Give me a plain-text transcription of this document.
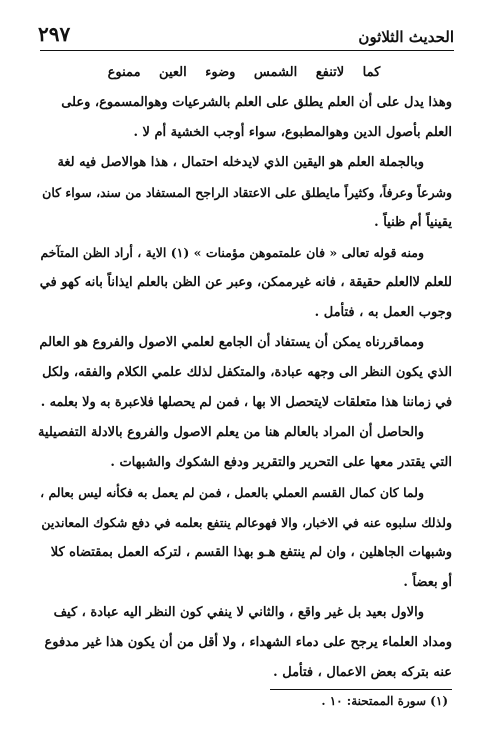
الحديث الثلاثون
٢٩٧
كما لاتنفع الشمس وضوء العين ممنوع
وهذا يدل على أن العلم يطلق على العلم بالشرعيات وهوالمسموع، وعلى
العلم بأصول الدين وهوالمطبوع، سواء أوجب الخشية أم لا .
وبالجملة العلم هو اليقين الذي لايدخله احتمال ، هذا هوالاصل فيه لغة
وشرعاً وعرفاً، وكثيراً مايطلق على الاعتقاد الراجح المستفاد من سند، سواء كان
يقينياً أم ظنياً .
ومنه قوله تعالى « فان علمتموهن مؤمنات » (١) الاية ، أراد الظن المتآخم
للعلم لاالعلم حقيقة ، فانه غيرممكن، وعبر عن الظن بالعلم ايذاناً بانه كهو في
وجوب العمل به ، فتأمل .
ومماقررناه يمكن أن يستفاد أن الجامع لعلمي الاصول والفروع هو العالم
الذي يكون النظر الى وجهه عبادة، والمتكفل لذلك علمي الكلام والفقه، ولكل
في زماننا هذا متعلقات لايتحصل الا بها ، فمن لم يحصلها فلاعبرة به ولا بعلمه .
والحاصل أن المراد بالعالم هنا من يعلم الاصول والفروع بالادلة التفصيلية
التي يقتدر معها على التحرير والتقرير ودفع الشكوك والشبهات .
ولما كان كمال القسم العملي بالعمل ، فمن لم يعمل به فكأنه ليس بعالم ،
ولذلك سلبوه عنه في الاخبار، والا فهوعالم ينتفع بعلمه في دفع شكوك المعاندين
وشبهات الجاهلين ، وان لم ينتفع هـو بهذا القسم ، لتركه العمل بمقتضاه كلا
أو بعضاً .
والاول بعيد بل غير واقع ، والثاني لا ينفي كون النظر اليه عبادة ، كيف
ومداد العلماء يرجح على دماء الشهداء ، ولا أقل من أن يكون هذا غير مدفوع
عنه بتركه بعض الاعمال ، فتأمل .
(١) سورة الممتحنة: ١٠ .
